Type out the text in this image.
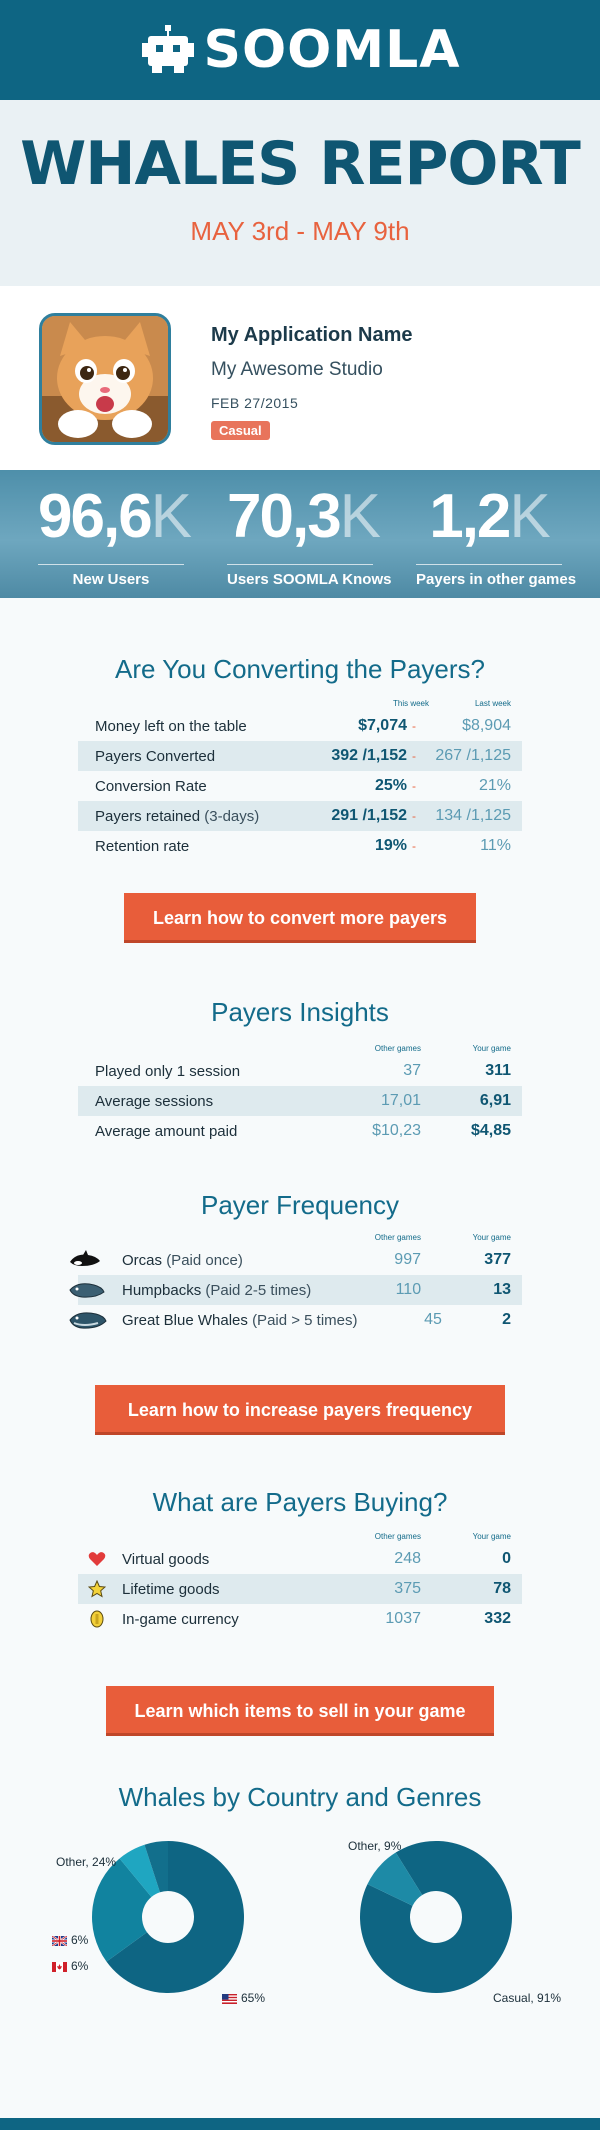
SOOMLA
WHALES REPORT
MAY 3rd - MAY 9th
My Application Name
My Awesome Studio
FEB 27/2015
Casual
96,6K
New Users
70,3K
Users SOOMLA Knows
1,2K
Payers in other games
Are You Converting the Payers?
This week	Last week
Money left on the table	$7,074 -	$8,904
Payers Converted	392 /1,152 -	267 /1,125
Conversion Rate	25% -	21%
Payers retained (3-days)	291 /1,152 -	134 /1,125
Retention rate	19% -	11%
Learn how to convert more payers
Payers Insights
Other games	Your game
Played only 1 session	37	311
Average sessions	17,01	6,91
Average amount paid	$10,23	$4,85
Payer Frequency
Other games	Your game
Orcas (Paid once)	997	377
Humpbacks (Paid 2-5 times)	110	13
Great Blue Whales (Paid > 5 times)	45	2
Learn how to increase payers frequency
What are Payers Buying?
Other games	Your game
Virtual goods	248	0
Lifetime goods	375	78
In-game currency	1037	332
Learn which items to sell in your game
Whales by Country and Genres
Other, 24%
6%
6%
65%
Other, 9%
Casual, 91%
